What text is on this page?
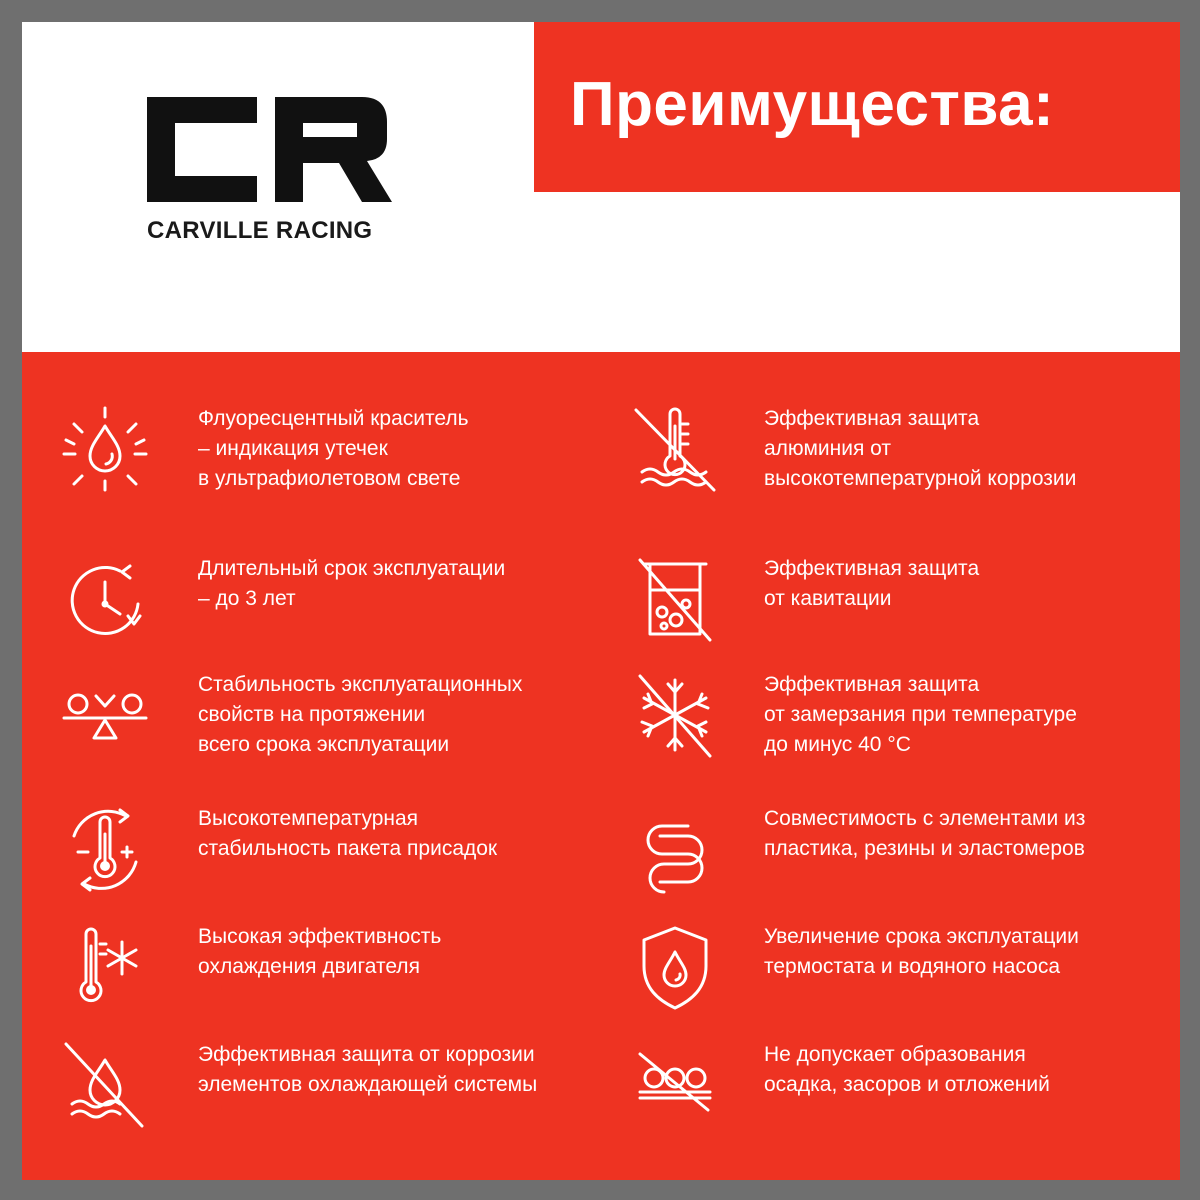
Преимущества:
CARVILLE RACING
Флуоресцентный краситель
– индикация утечек
в ультрафиолетовом свете
Эффективная защита
алюминия от
высокотемпературной коррозии
Длительный срок эксплуатации
– до 3 лет
Эффективная защита
от кавитации
Стабильность эксплуатационных
свойств на протяжении
всего срока эксплуатации
Эффективная защита
от замерзания при температуре
до минус 40 °C
Высокотемпературная
стабильность пакета присадок
Совместимость с элементами из
пластика, резины и эластомеров
Высокая эффективность
охлаждения двигателя
Увеличение срока эксплуатации
термостата и водяного насоса
Эффективная защита от коррозии
элементов охлаждающей системы
Не допускает образования
осадка, засоров и отложений
